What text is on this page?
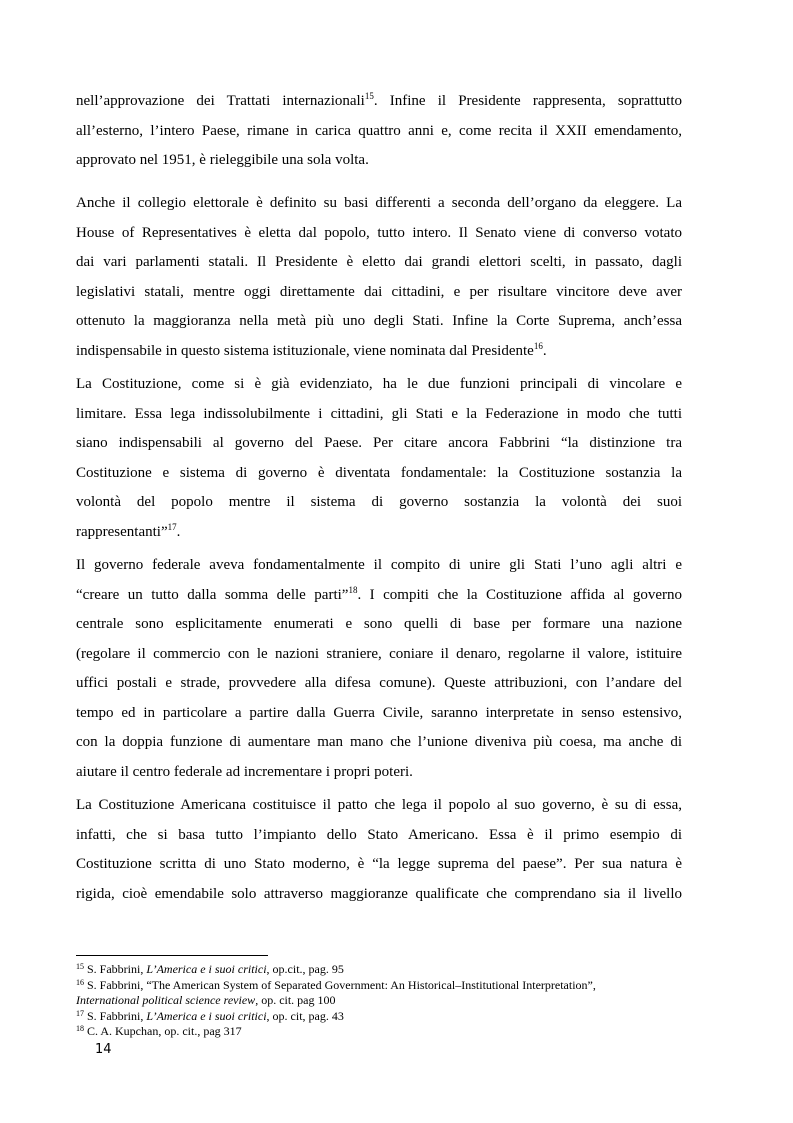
nell’approvazione dei Trattati internazionali$^{15}$. Infine il Presidente rappresenta, soprattutto
all’esterno, l’intero Paese, rimane in carica quattro anni e, come recita il XXII emendamento,
approvato nel 1951, è rieleggibile una sola volta.
Anche il collegio elettorale è definito su basi differenti a seconda dell’organo da eleggere. La
House of Representatives è eletta dal popolo, tutto intero. Il Senato viene di converso votato
dai vari parlamenti statali. Il Presidente è eletto dai grandi elettori scelti, in passato, dagli
legislativi statali, mentre oggi direttamente dai cittadini, e per risultare vincitore deve aver
ottenuto la maggioranza nella metà più uno degli Stati. Infine la Corte Suprema, anch’essa
indispensabile in questo sistema istituzionale, viene nominata dal Presidente$^{16}$.
La Costituzione, come si è già evidenziato, ha le due funzioni principali di vincolare e
limitare. Essa lega indissolubilmente i cittadini, gli Stati e la Federazione in modo che tutti
siano indispensabili al governo del Paese. Per citare ancora Fabbrini “la distinzione tra
Costituzione e sistema di governo è diventata fondamentale: la Costituzione sostanzia la
volontà del popolo mentre il sistema di governo sostanzia la volontà dei suoi
rappresentanti”$^{17}$.
Il governo federale aveva fondamentalmente il compito di unire gli Stati l’uno agli altri e
“creare un tutto dalla somma delle parti”$^{18}$. I compiti che la Costituzione affida al governo
centrale sono esplicitamente enumerati e sono quelli di base per formare una nazione
(regolare il commercio con le nazioni straniere, coniare il denaro, regolarne il valore, istituire
uffici postali e strade, provvedere alla difesa comune). Queste attribuzioni, con l’andare del
tempo ed in particolare a partire dalla Guerra Civile, saranno interpretate in senso estensivo,
con la doppia funzione di aumentare man mano che l’unione diveniva più coesa, ma anche di
aiutare il centro federale ad incrementare i propri poteri.
La Costituzione Americana costituisce il patto che lega il popolo al suo governo, è su di essa,
infatti, che si basa tutto l’impianto dello Stato Americano. Essa è il primo esempio di
Costituzione scritta di uno Stato moderno, è “la legge suprema del paese”. Per sua natura è
rigida, cioè emendabile solo attraverso maggioranze qualificate che comprendano sia il livello

$^{15}$ S. Fabbrini, L’America e i suoi critici, op.cit., pag. 95

$^{16}$ S. Fabbrini, “The American System of Separated Government: An Historical–Institutional Interpretation”,

International political science review, op. cit. pag 100

$^{17}$ S. Fabbrini, L’America e i suoi critici, op. cit, pag. 43

$^{18}$ C. A. Kupchan, op. cit., pag 317

14
